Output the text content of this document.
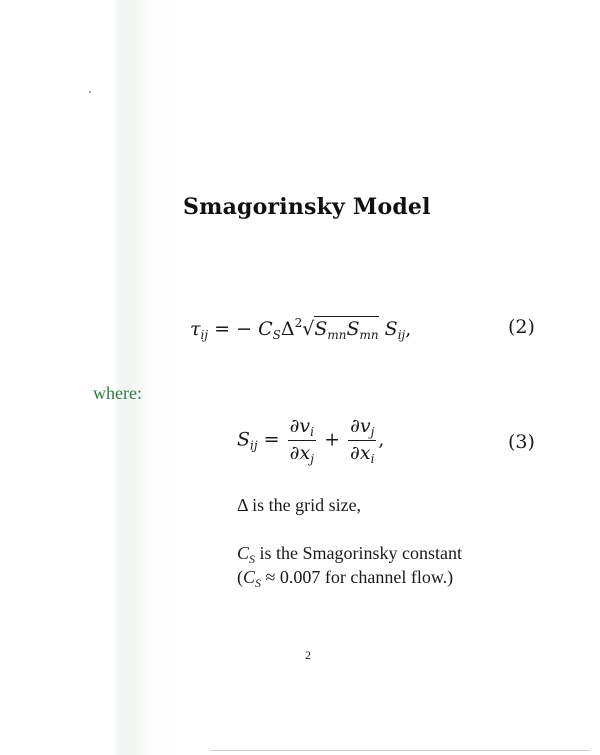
Smagorinsky Model
$\tau_{ij}$ = − $C_S\Delta^2√S_{mn}S_{mn}$ $S_{ij}$,	(2)
where:
$S_{ij} = \frac{\partial v_i}{\partial x_j} + \frac{\partial v_j}{\partial x_i}$ ,	(3)
Δ is the grid size,
$C_S$ is the Smagorinsky constant
($C_S \approx 0.007$ for channel flow.)
2
